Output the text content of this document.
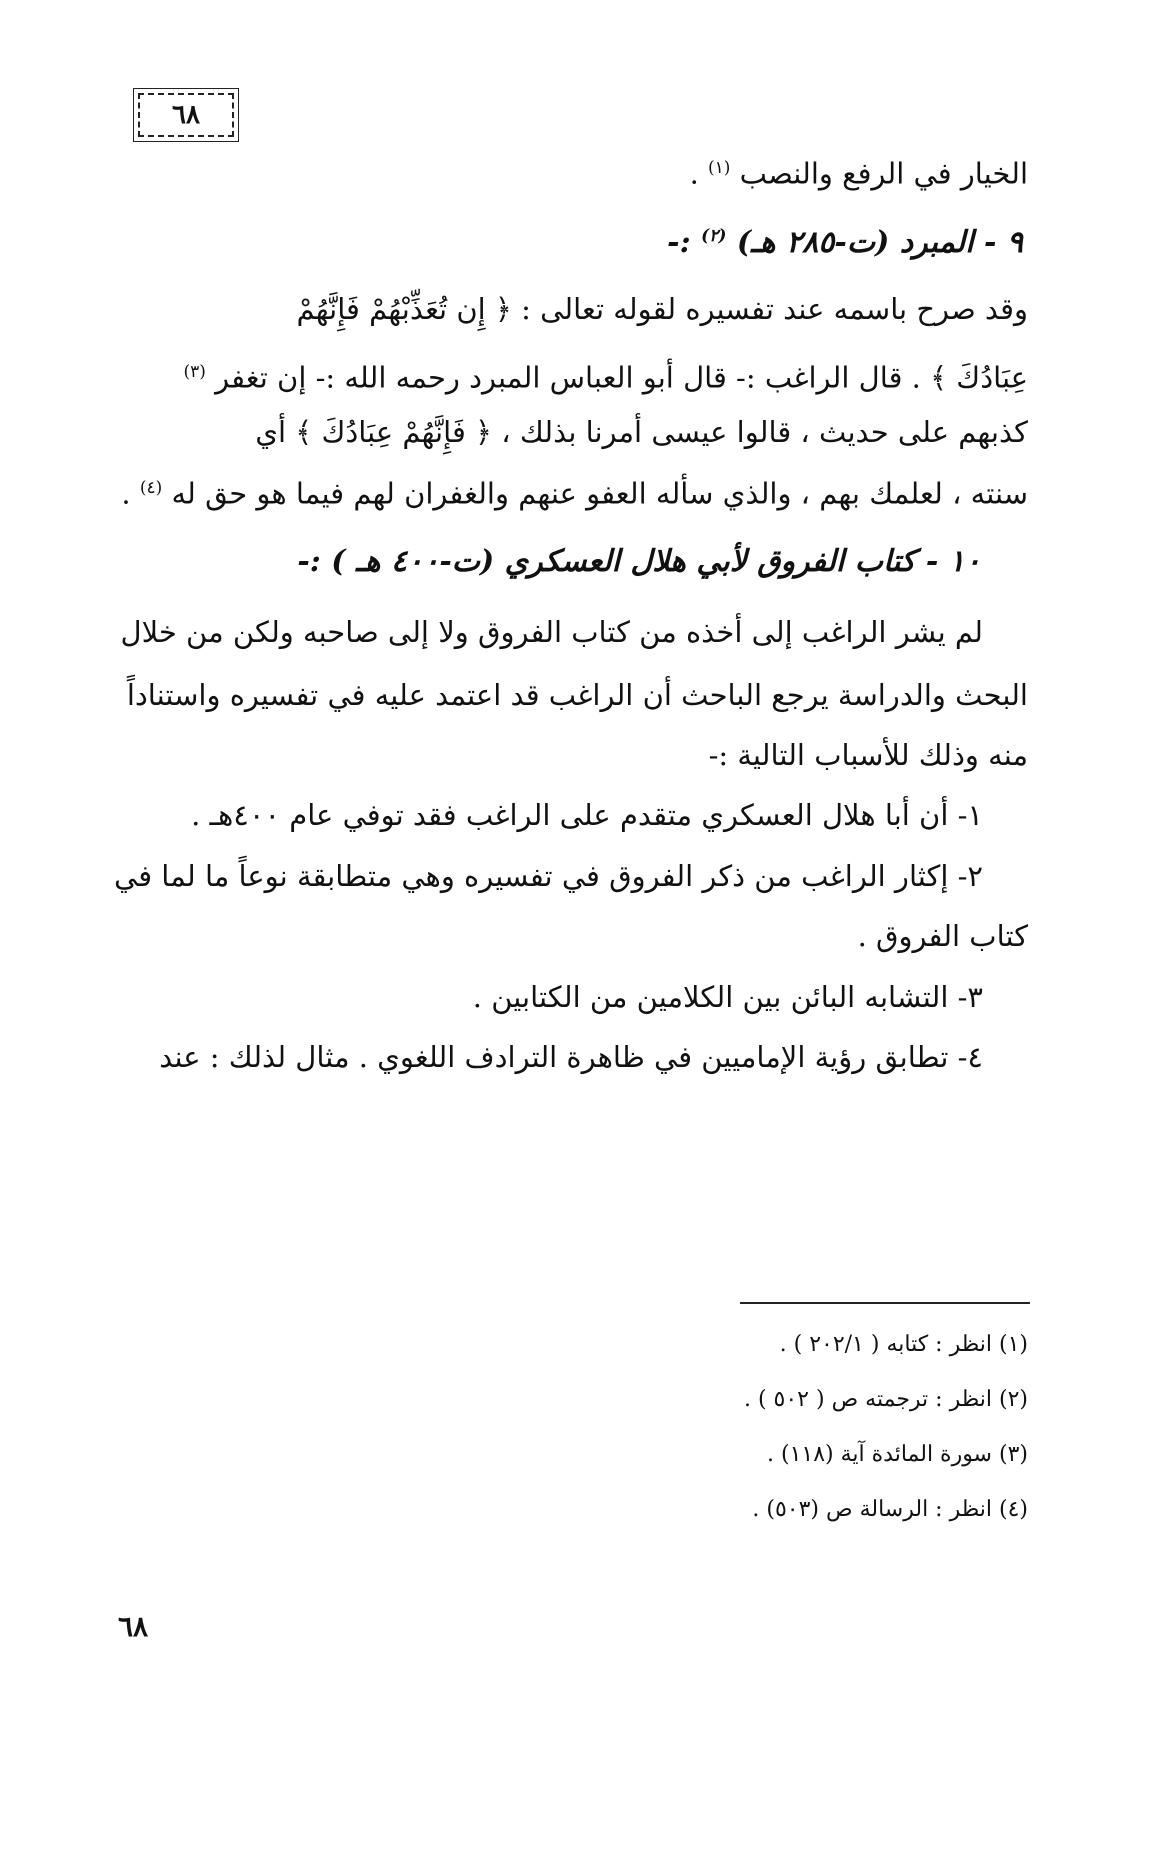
٦٨
الخيار في الرفع والنصب $^{(١)}$ .
٩ - المبرد (ت-٢٨٥ هـ) $^{(٢)}$ :-
وقد صرح باسمه عند تفسيره لقوله تعالى : ﴿ إِن تُعَذِّبْهُمْ فَإِنَّهُمْ
عِبَادُكَ ﴾ . قال الراغب :- قال أبو العباس المبرد رحمه الله :- إن تغفر $^{(٣)}$
كذبهم على حديث ، قالوا عيسى أمرنا بذلك ، ﴿ فَإِنَّهُمْ عِبَادُكَ ﴾ أي
سنته ، لعلمك بهم ، والذي سأله العفو عنهم والغفران لهم فيما هو حق له $^{(٤)}$ .
١٠ - كتاب الفروق لأبي هلال العسكري (ت-٤٠٠ هـ ) :-
لم يشر الراغب إلى أخذه من كتاب الفروق ولا إلى صاحبه ولكن من خلال
البحث والدراسة يرجع الباحث أن الراغب قد اعتمد عليه في تفسيره واستناداً
منه وذلك للأسباب التالية :-
١- أن أبا هلال العسكري متقدم على الراغب فقد توفي عام ٤٠٠هـ .
٢- إكثار الراغب من ذكر الفروق في تفسيره وهي متطابقة نوعاً ما لما في
كتاب الفروق .
٣- التشابه البائن بين الكلامين من الكتابين .
٤- تطابق رؤية الإماميين في ظاهرة الترادف اللغوي . مثال لذلك : عند
(١) انظر : كتابه ( ٢٠٢/١ ) .
(٢) انظر : ترجمته ص ( ٥٠٢ ) .
(٣) سورة المائدة آية (١١٨) .
(٤) انظر : الرسالة ص (٥٠٣) .
٦٨
